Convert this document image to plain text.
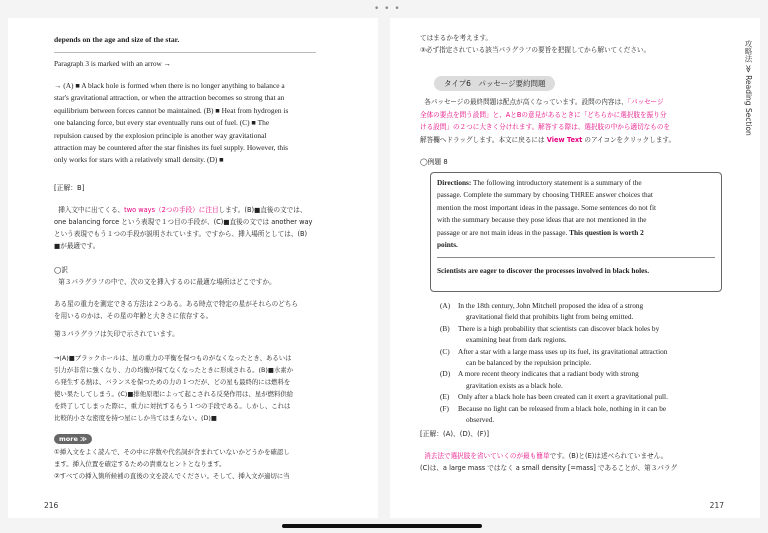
• • •
depends on the age and size of the star.
Paragraph 3 is marked with an arrow →
→ (A) ■ A black hole is formed when there is no longer anything to balance a
star's gravitational attraction, or when the attraction becomes so strong that an
equilibrium between forces cannot be maintained. (B) ■ Heat from hydrogen is
one balancing force, but every star eventually runs out of fuel. (C) ■ The
repulsion caused by the explosion principle is another way gravitational
attraction may be countered after the star finishes its fuel supply. However, this
only works for stars with a relatively small density. (D) ■
[正解：B]
挿入文中に出てくる、two ways（2つの手段）に注目します。(B)■直後の文では、
one balancing force という表現で１つ目の手段が、(C)■直後の文では another way
という表現でもう１つの手段が説明されています。ですから、挿入場所としては、(B)
■が最適です。
◯訳
第３パラグラフの中で、次の文を挿入するのに最適な場所はどこですか。
ある星の重力を測定できる方法は２つある。ある時点で特定の星がそれらのどちら
を用いるのかは、その星の年齢と大きさに依存する。
第３パラグラフは矢印で示されています。
→(A)■ブラックホールは、星の重力の平衡を保つものがなくなったとき、あるいは
引力が非常に強くなり、力の均衡が保てなくなったときに形成される。(B)■水素か
ら発生する熱は、バランスを保つための力の１つだが、どの星も最終的には燃料を
使い果たしてしまう。(C)■排他原理によって起こされる反発作用は、星が燃料供給
を終了してしまった際に、重力に対抗するもう１つの手段である。しかし、これは
比較的小さな密度を持つ星にしか当てはまらない。(D)■
more ≫
①挿入文をよく読んで、その中に序数や代名詞が含まれていないかどうかを確認し
ます。挿入位置を確定するための貴重なヒントとなります。
②すべての挿入箇所候補の直後の文を読んでください。そして、挿入文が適切に当
216
てはまるかを考えます。
③必ず指定されている該当パラグラフの要旨を把握してから解いてください。
タイプ6　パッセージ要約問題
各パッセージの最終問題は配点が高くなっています。設問の内容は、「パッセージ
全体の要点を問う設問」と、AとBの意見があるときに「どちらかに選択肢を振り分
ける設問」の２つに大きく分けれます。解答する際は、選択肢の中から適切なものを
解答欄へドラッグします。本文に戻るには View Text のアイコンをクリックします。
◯例題 8
Directions: The following introductory statement is a summary of the
passage. Complete the summary by choosing THREE answer choices that
mention the most important ideas in the passage. Some sentences do not fit
with the summary because they pose ideas that are not mentioned in the
passage or are not main ideas in the passage. This question is worth 2
points.
Scientists are eager to discover the processes involved in black holes.
(A)	In the 18th century, John Mitchell proposed the idea of a strong
gravitational field that prohibits light from being emitted.
(B)	There is a high probability that scientists can discover black holes by
examining heat from dark regions.
(C)	After a star with a large mass uses up its fuel, its gravitational attraction
can be balanced by the repulsion principle.
(D)	A more recent theory indicates that a radiant body with strong
gravitation exists as a black hole.
(E)	Only after a black hole has been created can it exert a gravitational pull.
(F)	Because no light can be released from a black hole, nothing in it can be
observed.
[正解：(A)、(D)、(F)]
消去法で選択肢を省いていくのが最も簡単です。(B)と(E)は述べられていません。
(C)は、a large mass ではなく a small density [=mass] であることが、第３パラグ
攻略法 ≫ Reading Section
217
